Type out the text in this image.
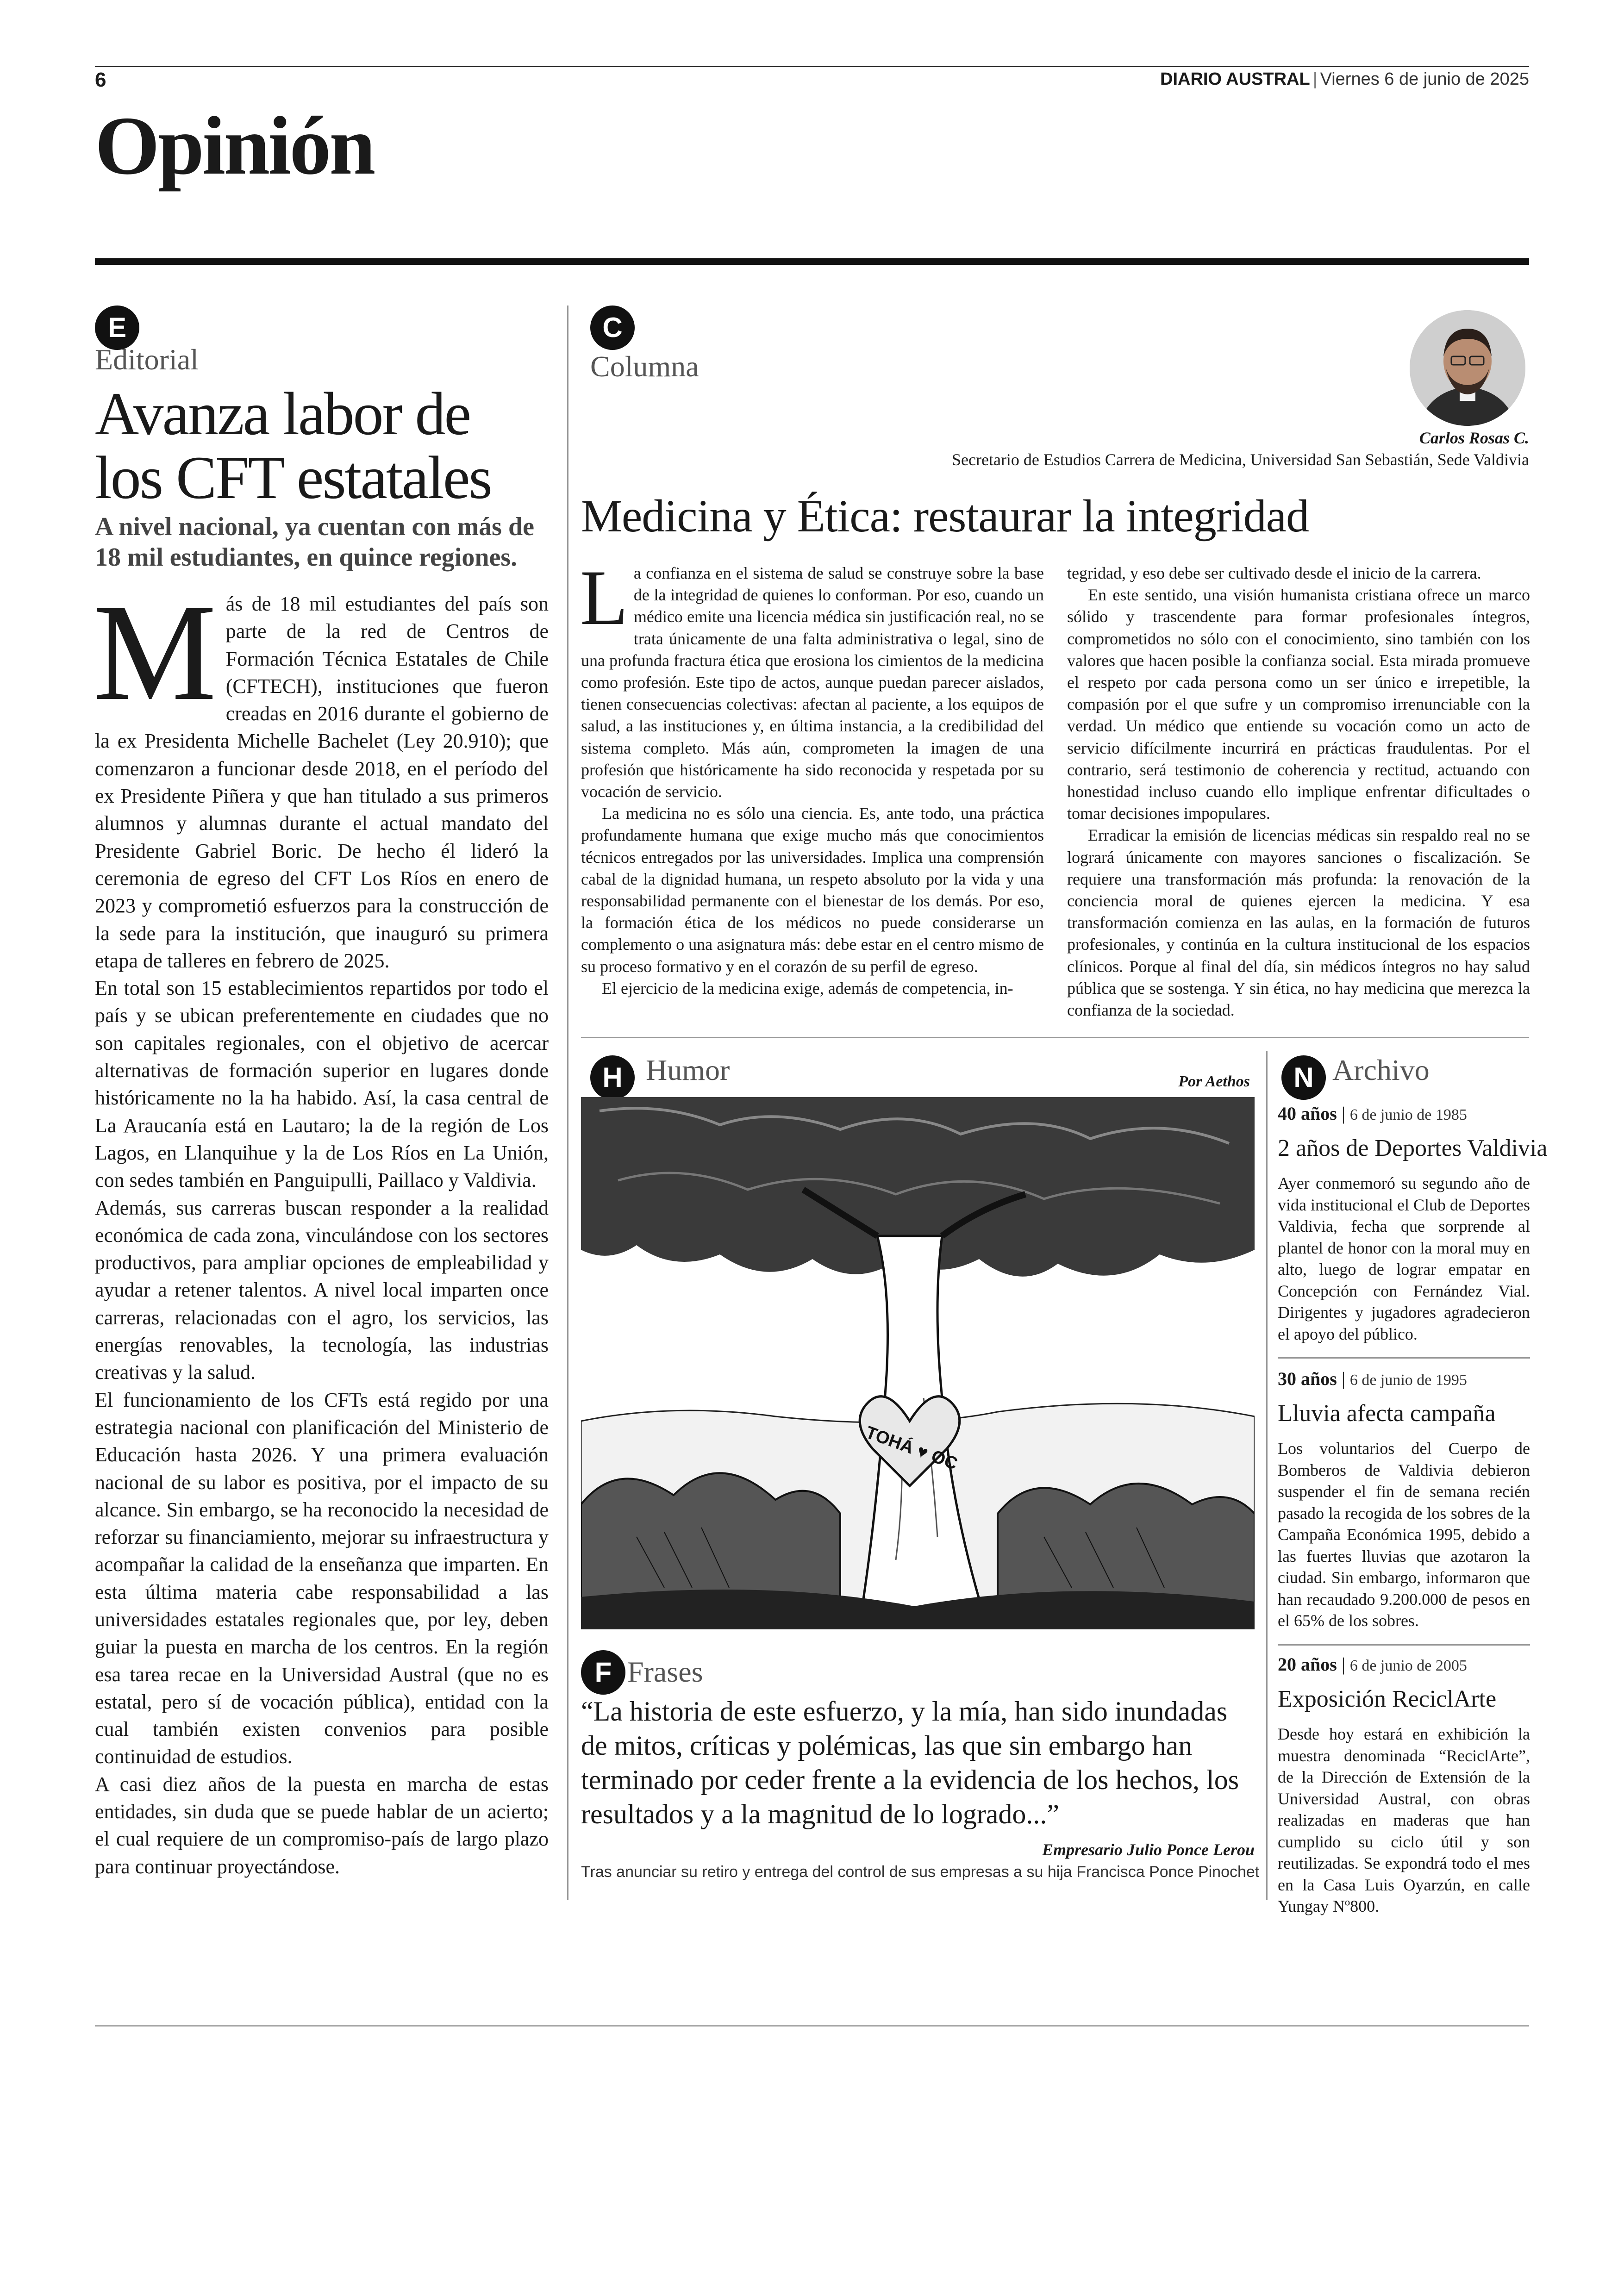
6	DIARIO AUSTRAL | Viernes 6 de junio de 2025
Opinión
E
Editorial
Avanza labor de
los CFT estatales
A nivel nacional, ya cuentan con más de 18 mil estudiantes, en quince regiones.

Más de 18 mil estudiantes del país son parte de la red de Centros de Formación Técnica Estatales de Chile (CFTECH), instituciones que fueron creadas en 2016 durante el gobierno de la ex Presidenta Michelle Bachelet (Ley 20.910); que comenzaron a funcionar desde 2018, en el período del ex Presidente Piñera y que han titulado a sus primeros alumnos y alumnas durante el actual mandato del Presidente Gabriel Boric. De hecho él lideró la ceremonia de egreso del CFT Los Ríos en enero de 2023 y comprometió esfuerzos para la construcción de la sede para la institución, que inauguró su primera etapa de talleres en febrero de 2025.

En total son 15 establecimientos repartidos por todo el país y se ubican preferentemente en ciudades que no son capitales regionales, con el objetivo de acercar alternativas de formación superior en lugares donde históricamente no la ha habido. Así, la casa central de La Araucanía está en Lautaro; la de la región de Los Lagos, en Llanquihue y la de Los Ríos en La Unión, con sedes también en Panguipulli, Paillaco y Valdivia.

Además, sus carreras buscan responder a la realidad económica de cada zona, vinculándose con los sectores productivos, para ampliar opciones de empleabilidad y ayudar a retener talentos. A nivel local imparten once carreras, relacionadas con el agro, los servicios, las energías renovables, la tecnología, las industrias creativas y la salud.

El funcionamiento de los CFTs está regido por una estrategia nacional con planificación del Ministerio de Educación hasta 2026. Y una primera evaluación nacional de su labor es positiva, por el impacto de su alcance. Sin embargo, se ha reconocido la necesidad de reforzar su financiamiento, mejorar su infraestructura y acompañar la calidad de la enseñanza que imparten. En esta última materia cabe responsabilidad a las universidades estatales regionales que, por ley, deben guiar la puesta en marcha de los centros. En la región esa tarea recae en la Universidad Austral (que no es estatal, pero sí de vocación pública), entidad con la cual también existen convenios para posible continuidad de estudios.

A casi diez años de la puesta en marcha de estas entidades, sin duda que se puede hablar de un acierto; el cual requiere de un compromiso-país de largo plazo para continuar proyectándose.

C
Columna
Carlos Rosas C.
Secretario de Estudios Carrera de Medicina, Universidad San Sebastián, Sede Valdivia
Medicina y Ética: restaurar la integridad

La confianza en el sistema de salud se construye sobre la base de la integridad de quienes lo conforman. Por eso, cuando un médico emite una licencia médica sin justificación real, no se trata únicamente de una falta administrativa o legal, sino de una profunda fractura ética que erosiona los cimientos de la medicina como profesión. Este tipo de actos, aunque puedan parecer aislados, tienen consecuencias colectivas: afectan al paciente, a los equipos de salud, a las instituciones y, en última instancia, a la credibilidad del sistema completo. Más aún, comprometen la imagen de una profesión que históricamente ha sido reconocida y respetada por su vocación de servicio.

La medicina no es sólo una ciencia. Es, ante todo, una práctica profundamente humana que exige mucho más que conocimientos técnicos entregados por las universidades. Implica una comprensión cabal de la dignidad humana, un respeto absoluto por la vida y una responsabilidad permanente con el bienestar de los demás. Por eso, la formación ética de los médicos no puede considerarse un complemento o una asignatura más: debe estar en el centro mismo de su proceso formativo y en el corazón de su perfil de egreso.

El ejercicio de la medicina exige, además de competencia, in-

tegridad, y eso debe ser cultivado desde el inicio de la carrera.

En este sentido, una visión humanista cristiana ofrece un marco sólido y trascendente para formar profesionales íntegros, comprometidos no sólo con el conocimiento, sino también con los valores que hacen posible la confianza social. Esta mirada promueve el respeto por cada persona como un ser único e irrepetible, la compasión por el que sufre y un compromiso irrenunciable con la verdad. Un médico que entiende su vocación como un acto de servicio difícilmente incurrirá en prácticas fraudulentas. Por el contrario, será testimonio de coherencia y rectitud, actuando con honestidad incluso cuando ello implique enfrentar dificultades o tomar decisiones impopulares.

Erradicar la emisión de licencias médicas sin respaldo real no se logrará únicamente con mayores sanciones o fiscalización. Se requiere una transformación más profunda: la renovación de la conciencia moral de quienes ejercen la medicina. Y esa transformación comienza en las aulas, en la formación de futuros profesionales, y continúa en la cultura institucional de los espacios clínicos. Porque al final del día, sin médicos íntegros no hay salud pública que se sostenga. Y sin ética, no hay medicina que merezca la confianza de la sociedad.

H Humor	Por Aethos
TOHÁ ♥ OC
F Frases
“La historia de este esfuerzo, y la mía, han sido inundadas de mitos, críticas y polémicas, las que sin embargo han terminado por ceder frente a la evidencia de los hechos, los resultados y a la magnitud de lo logrado...”
Empresario Julio Ponce Lerou
Tras anunciar su retiro y entrega del control de sus empresas a su hija Francisca Ponce Pinochet
N Archivo
40 años | 6 de junio de 1985
2 años de Deportes Valdivia
Ayer conmemoró su segundo año de vida institucional el Club de Deportes Valdivia, fecha que sorprende al plantel de honor con la moral muy en alto, luego de lograr empatar en Concepción con Fernández Vial. Dirigentes y jugadores agradecieron el apoyo del público.
30 años | 6 de junio de 1995
Lluvia afecta campaña
Los voluntarios del Cuerpo de Bomberos de Valdivia debieron suspender el fin de semana recién pasado la recogida de los sobres de la Campaña Económica 1995, debido a las fuertes lluvias que azotaron la ciudad. Sin embargo, informaron que han recaudado 9.200.000 de pesos en el 65% de los sobres.
20 años | 6 de junio de 2005
Exposición ReciclArte
Desde hoy estará en exhibición la muestra denominada “ReciclArte”, de la Dirección de Extensión de la Universidad Austral, con obras realizadas en maderas que han cumplido su ciclo útil y son reutilizadas. Se expondrá todo el mes en la Casa Luis Oyarzún, en calle Yungay Nº800.
